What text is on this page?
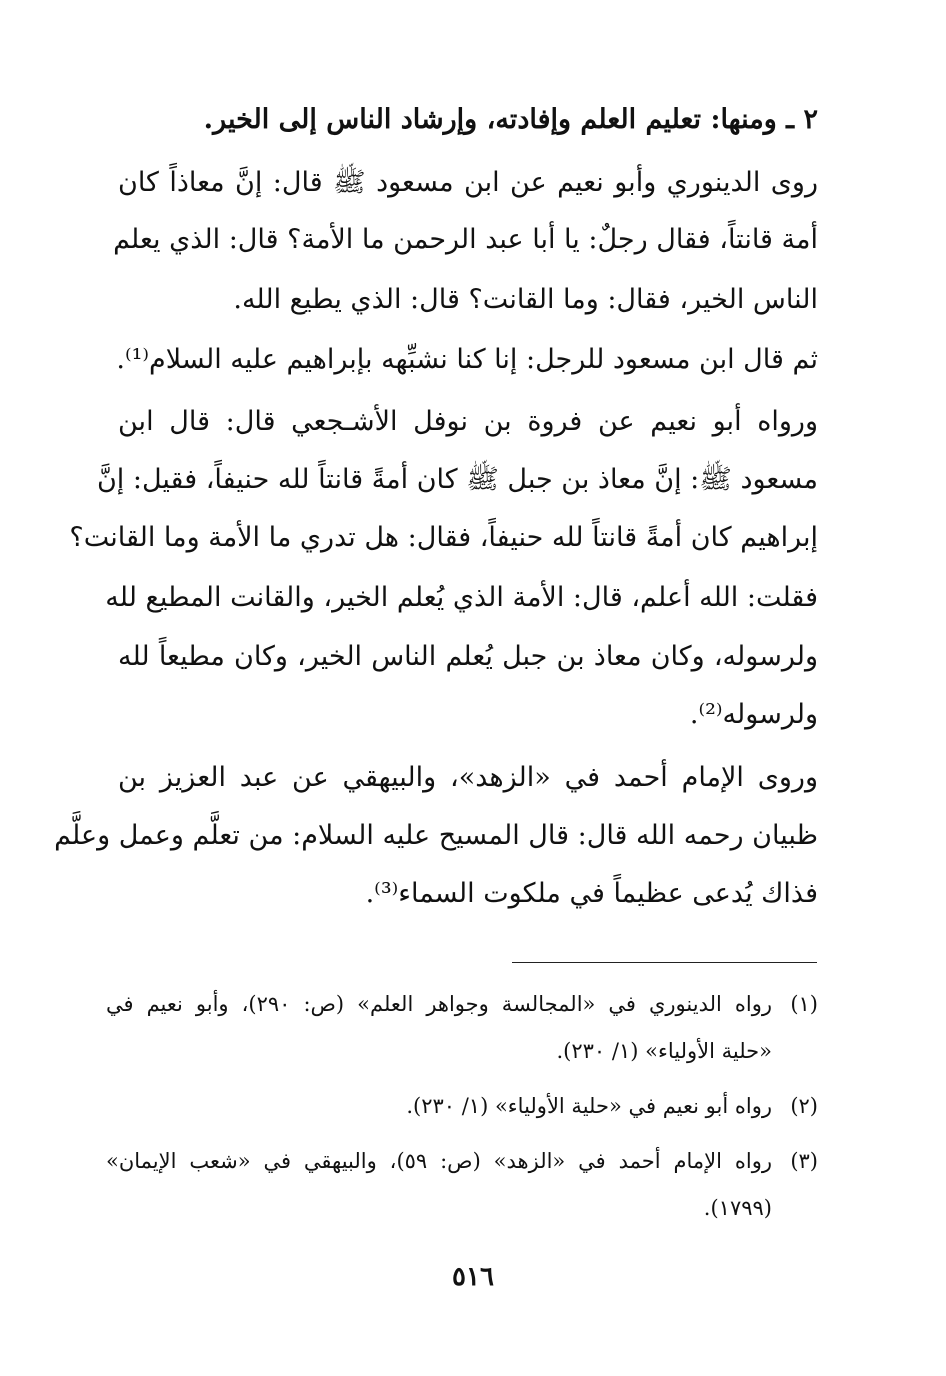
٢ ـ ومنها: تعليم العلم وإفادته، وإرشاد الناس إلى الخير.
روى الدينوري وأبو نعيم عن ابن مسعود ﷺ قال: إنَّ معاذاً كان
أمة قانتاً، فقال رجلٌ: يا أبا عبد الرحمن ما الأمة؟ قال: الذي يعلم
الناس الخير، فقال: وما القانت؟ قال: الذي يطيع الله.
ثم قال ابن مسعود للرجل: إنا كنا نشبِّهه بإبراهيم عليه السلام⁽¹⁾.
ورواه أبو نعيم عن فروة بن نوفل الأشـجعي قال: قال ابن
مسعود ﷺ: إنَّ معاذ بن جبل ﷺ كان أمةً قانتاً لله حنيفاً، فقيل: إنَّ
إبراهيم كان أمةً قانتاً لله حنيفاً، فقال: هل تدري ما الأمة وما القانت؟
فقلت: الله أعلم، قال: الأمة الذي يُعلم الخير، والقانت المطيع لله
ولرسوله، وكان معاذ بن جبل يُعلم الناس الخير، وكان مطيعاً لله
ولرسوله⁽²⁾.
وروى الإمام أحمد في «الزهد»، والبيهقي عن عبد العزيز بن
ظبيان رحمه الله قال: قال المسيح عليه السلام: من تعلَّم وعمل وعلَّم
فذاك يُدعى عظيماً في ملكوت السماء⁽³⁾.
(١)رواه الدينوري في «المجالسة وجواهر العلم» (ص: ٢٩٠)، وأبو نعيم في
«حلية الأولياء» (١/ ٢٣٠).
(٢)رواه أبو نعيم في «حلية الأولياء» (١/ ٢٣٠).
(٣)رواه الإمام أحمد في «الزهد» (ص: ٥٩)، والبيهقي في «شعب الإيمان»
(١٧٩٩).
٥١٦
